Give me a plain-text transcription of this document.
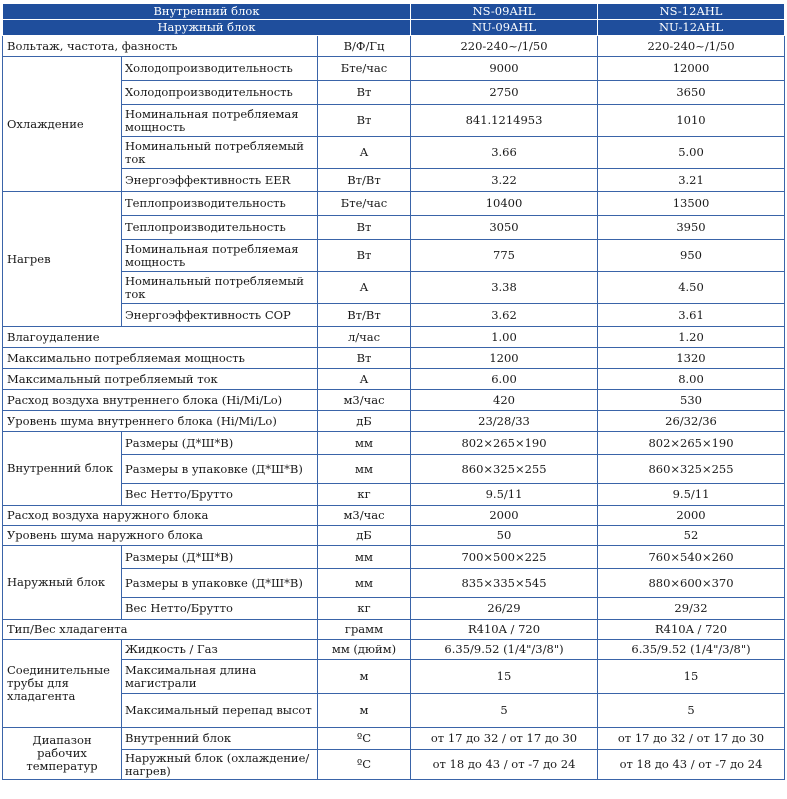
Внутренний блок			NS-09AHL	NS-12AHL
Наружный блок			NU-09AHL	NU-12AHL
Вольтаж, частота, фазность		В/Ф/Гц	220-240~/1/50	220-240~/1/50
Охлаждение	Холодопроизводительность	Бте/час	9000	12000
	Холодопроизводительность	Вт	2750	3650
	Номинальная потребляемая мощность	Вт	841.1214953	1010
	Номинальный потребляемый ток	А	3.66	5.00
	Энергоэффективность EER	Вт/Вт	3.22	3.21
Нагрев	Теплопроизводительность	Бте/час	10400	13500
	Теплопроизводительность	Вт	3050	3950
	Номинальная потребляемая мощность	Вт	775	950
	Номинальный потребляемый ток	А	3.38	4.50
	Энергоэффективность COP	Вт/Вт	3.62	3.61
Влагоудаление		л/час	1.00	1.20
Максимально потребляемая мощность		Вт	1200	1320
Максимальный потребляемый ток		А	6.00	8.00
Расход воздуха внутреннего блока (Hi/Mi/Lo)		м3/час	420	530
Уровень шума внутреннего блока (Hi/Mi/Lo)		дБ	23/28/33	26/32/36
Внутренний блок	Размеры (Д*Ш*В)	мм	802×265×190	802×265×190
	Размеры в упаковке (Д*Ш*В)	мм	860×325×255	860×325×255
	Вес Нетто/Брутто	кг	9.5/11	9.5/11
Расход воздуха наружного блока		м3/час	2000	2000
Уровень шума наружного блока		дБ	50	52
Наружный блок	Размеры (Д*Ш*В)	мм	700×500×225	760×540×260
	Размеры в упаковке (Д*Ш*В)	мм	835×335×545	880×600×370
	Вес Нетто/Брутто	кг	26/29	29/32
Тип/Вес хладагента		грамм	R410A / 720	R410A / 720
Соединительные трубы для хладагента	Жидкость / Газ	мм (дюйм)	6.35/9.52 (1/4"/3/8")	6.35/9.52 (1/4"/3/8")
	Максимальная длина магистрали	м	15	15
	Максимальный перепад высот	м	5	5
Диапазон рабочих температур	Внутренний блок	ºС	от 17 до 32 / от 17 до 30	от 17 до 32 / от 17 до 30
	Наружный блок (охлаждение/нагрев)	ºС	от 18 до 43 / от -7 до 24	от 18 до 43 / от -7 до 24
